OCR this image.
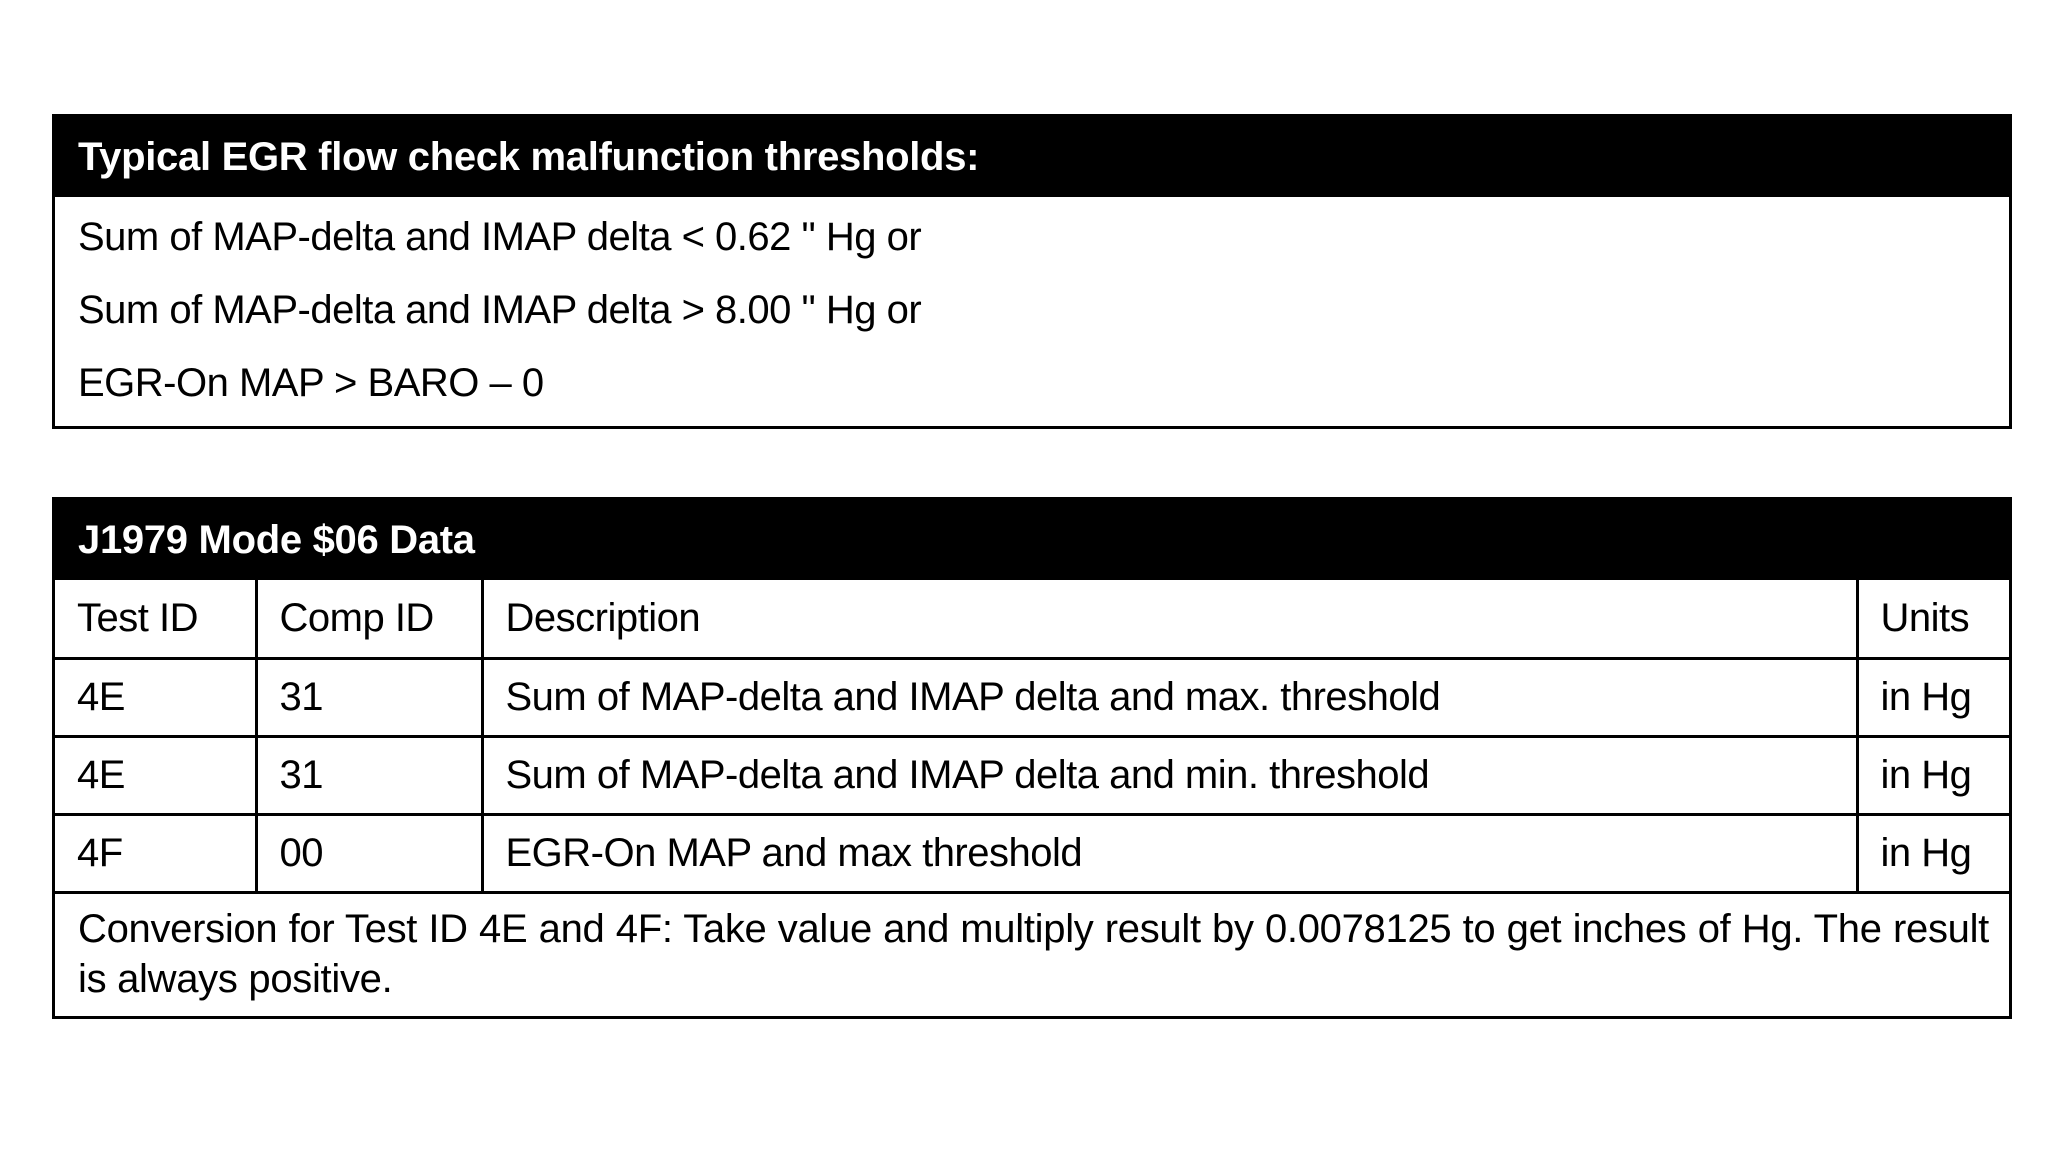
Typical EGR flow check malfunction thresholds:
Sum of MAP-delta and IMAP delta < 0.62 " Hg or
Sum of MAP-delta and IMAP delta > 8.00 " Hg or
EGR-On MAP > BARO – 0
J1979 Mode $06 Data
Test ID	Comp ID	Description	Units
4E	31	Sum of MAP-delta and IMAP delta and max. threshold	in Hg
4E	31	Sum of MAP-delta and IMAP delta and min. threshold	in Hg
4F	00	EGR-On MAP and max threshold	in Hg
Conversion for Test ID 4E and 4F: Take value and multiply result by 0.0078125 to get inches of Hg. The result is always positive.
